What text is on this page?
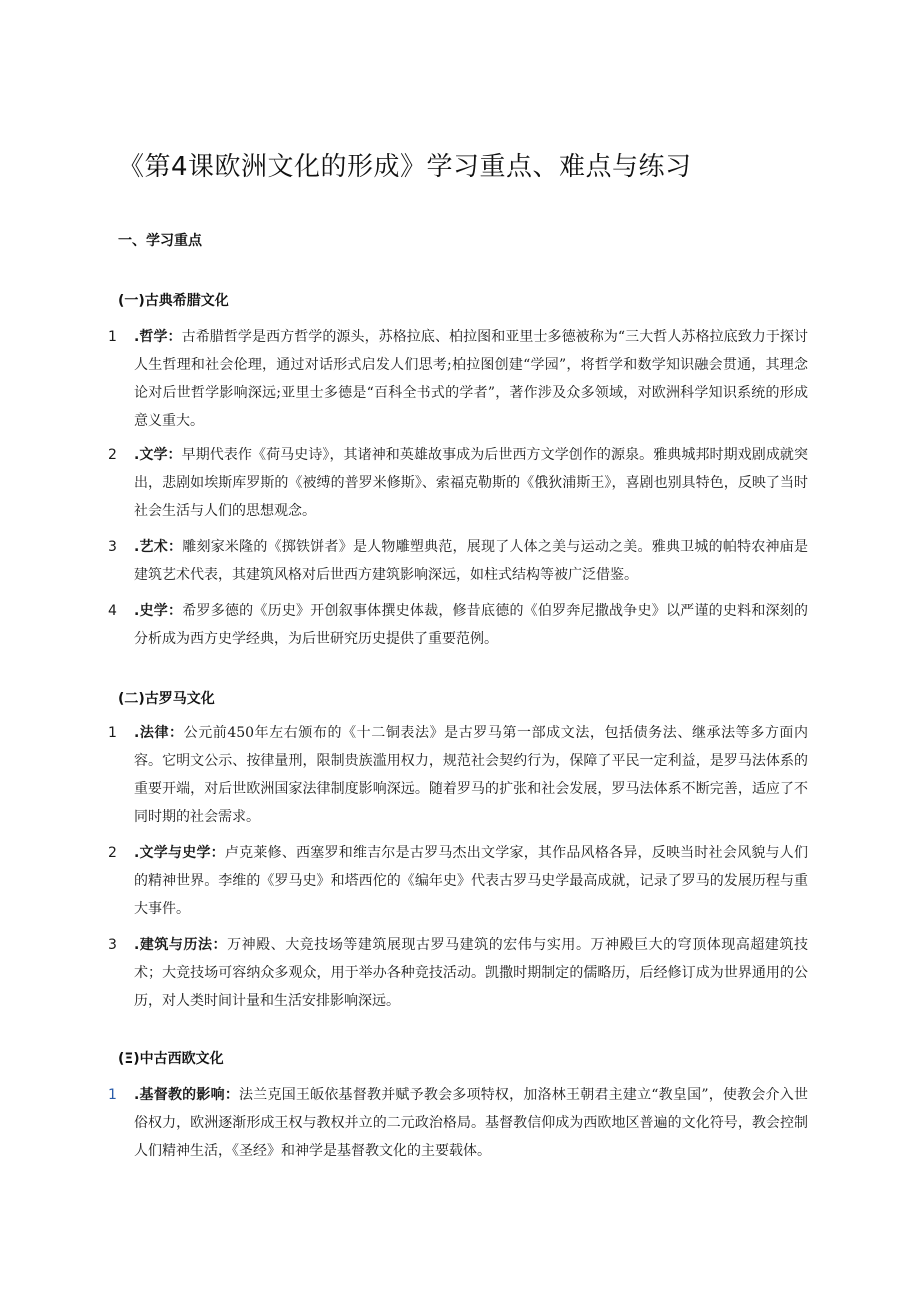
《第4课欧洲文化的形成》学习重点、难点与练习
一、学习重点
(一)古典希腊文化
1	.哲学：古希腊哲学是西方哲学的源头，苏格拉底、柏拉图和亚里士多德被称为“三大哲人苏格拉底致力于探讨人生哲理和社会伦理，通过对话形式启发人们思考;柏拉图创建“学园”，将哲学和数学知识融会贯通，其理念论对后世哲学影响深远;亚里士多德是“百科全书式的学者”，著作涉及众多领域，对欧洲科学知识系统的形成意义重大。
2	.文学：早期代表作《荷马史诗》，其诸神和英雄故事成为后世西方文学创作的源泉。雅典城邦时期戏剧成就突出，悲剧如埃斯库罗斯的《被缚的普罗米修斯》、索福克勒斯的《俄狄浦斯王》，喜剧也别具特色，反映了当时社会生活与人们的思想观念。
3	.艺术：雕刻家米隆的《掷铁饼者》是人物雕塑典范，展现了人体之美与运动之美。雅典卫城的帕特农神庙是建筑艺术代表，其建筑风格对后世西方建筑影响深远，如柱式结构等被广泛借鉴。
4	.史学：希罗多德的《历史》开创叙事体撰史体裁，修昔底德的《伯罗奔尼撒战争史》以严谨的史料和深刻的分析成为西方史学经典，为后世研究历史提供了重要范例。
(二)古罗马文化
1	.法律：公元前450年左右颁布的《十二铜表法》是古罗马第一部成文法，包括债务法、继承法等多方面内容。它明文公示、按律量刑，限制贵族滥用权力，规范社会契约行为，保障了平民一定利益，是罗马法体系的重要开端，对后世欧洲国家法律制度影响深远。随着罗马的扩张和社会发展，罗马法体系不断完善，适应了不同时期的社会需求。
2	.文学与史学：卢克莱修、西塞罗和维吉尔是古罗马杰出文学家，其作品风格各异，反映当时社会风貌与人们的精神世界。李维的《罗马史》和塔西佗的《编年史》代表古罗马史学最高成就，记录了罗马的发展历程与重大事件。
3	.建筑与历法：万神殿、大竞技场等建筑展现古罗马建筑的宏伟与实用。万神殿巨大的穹顶体现高超建筑技术；大竞技场可容纳众多观众，用于举办各种竞技活动。凯撒时期制定的儒略历，后经修订成为世界通用的公历，对人类时间计量和生活安排影响深远。
(Ξ)中古西欧文化
1	.基督教的影响：法兰克国王皈依基督教并赋予教会多项特权，加洛林王朝君主建立“教皇国”，使教会介入世俗权力，欧洲逐渐形成王权与教权并立的二元政治格局。基督教信仰成为西欧地区普遍的文化符号，教会控制人们精神生活，《圣经》和神学是基督教文化的主要载体。
